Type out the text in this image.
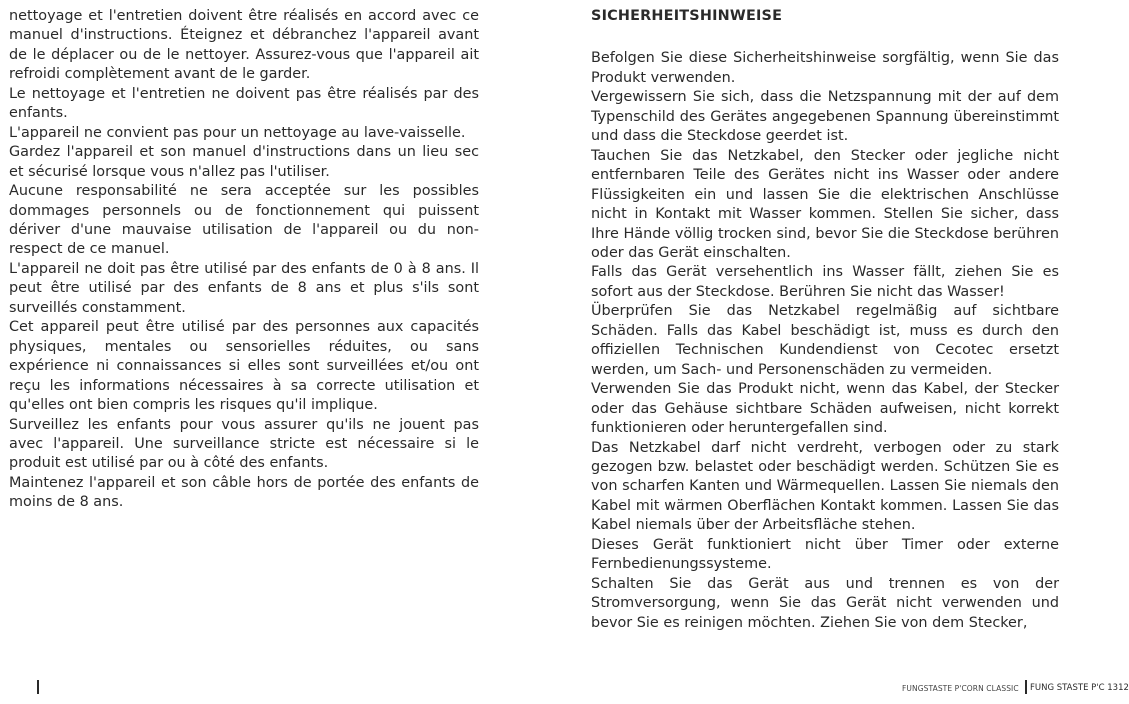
nettoyage et l'entretien doivent être réalisés en accord avec ce manuel d'instructions. Éteignez et débranchez l'appareil avant de le déplacer ou de le nettoyer. Assurez-vous que l'appareil ait refroidi complètement avant de le garder.

Le nettoyage et l'entretien ne doivent pas être réalisés par des enfants.

L'appareil ne convient pas pour un nettoyage au lave-vaisselle.

Gardez l'appareil et son manuel d'instructions dans un lieu sec et sécurisé lorsque vous n'allez pas l'utiliser.

Aucune responsabilité ne sera acceptée sur les possibles dommages personnels ou de fonctionnement qui puissent dériver d'une mauvaise utilisation de l'appareil ou du non-respect de ce manuel.

L'appareil ne doit pas être utilisé par des enfants de 0 à 8 ans. Il peut être utilisé par des enfants de 8 ans et plus s'ils sont surveillés constamment.

Cet appareil peut être utilisé par des personnes aux capacités physiques, mentales ou sensorielles réduites, ou sans expérience ni connaissances si elles sont surveillées et/ou ont reçu les informations nécessaires à sa correcte utilisation et qu'elles ont bien compris les risques qu'il implique.

Surveillez les enfants pour vous assurer qu'ils ne jouent pas avec l'appareil. Une surveillance stricte est nécessaire si le produit est utilisé par ou à côté des enfants.

Maintenez l'appareil et son câble hors de portée des enfants de moins de 8 ans.

SICHERHEITSHINWEISE

Befolgen Sie diese Sicherheitshinweise sorgfältig, wenn Sie das Produkt verwenden.

Vergewissern Sie sich, dass die Netzspannung mit der auf dem Typenschild des Gerätes angegebenen Spannung übereinstimmt und dass die Steckdose geerdet ist.

Tauchen Sie das Netzkabel, den Stecker oder jegliche nicht entfernbaren Teile des Gerätes nicht ins Wasser oder andere Flüssigkeiten ein und lassen Sie die elektrischen Anschlüsse nicht in Kontakt mit Wasser kommen. Stellen Sie sicher, dass Ihre Hände völlig trocken sind, bevor Sie die Steckdose berühren oder das Gerät einschalten.

Falls das Gerät versehentlich ins Wasser fällt, ziehen Sie es sofort aus der Steckdose. Berühren Sie nicht das Wasser!

Überprüfen Sie das Netzkabel regelmäßig auf sichtbare Schäden. Falls das Kabel beschädigt ist, muss es durch den offiziellen Technischen Kundendienst von Cecotec ersetzt werden, um Sach- und Personenschäden zu vermeiden.

Verwenden Sie das Produkt nicht, wenn das Kabel, der Stecker oder das Gehäuse sichtbare Schäden aufweisen, nicht korrekt funktionieren oder heruntergefallen sind.

Das Netzkabel darf nicht verdreht, verbogen oder zu stark gezogen bzw. belastet oder beschädigt werden. Schützen Sie es von scharfen Kanten und Wärmequellen. Lassen Sie niemals den Kabel mit wärmen Oberflächen Kontakt kommen. Lassen Sie das Kabel niemals über der Arbeitsfläche stehen.

Dieses Gerät funktioniert nicht über Timer oder externe Fernbedienungssysteme.

Schalten Sie das Gerät aus und trennen es von der Stromversorgung, wenn Sie das Gerät nicht verwenden und bevor Sie es reinigen möchten. Ziehen Sie von dem Stecker,

FUNGSTASTE P'CORN CLASSIC FUNG STASTE P'C 1312
